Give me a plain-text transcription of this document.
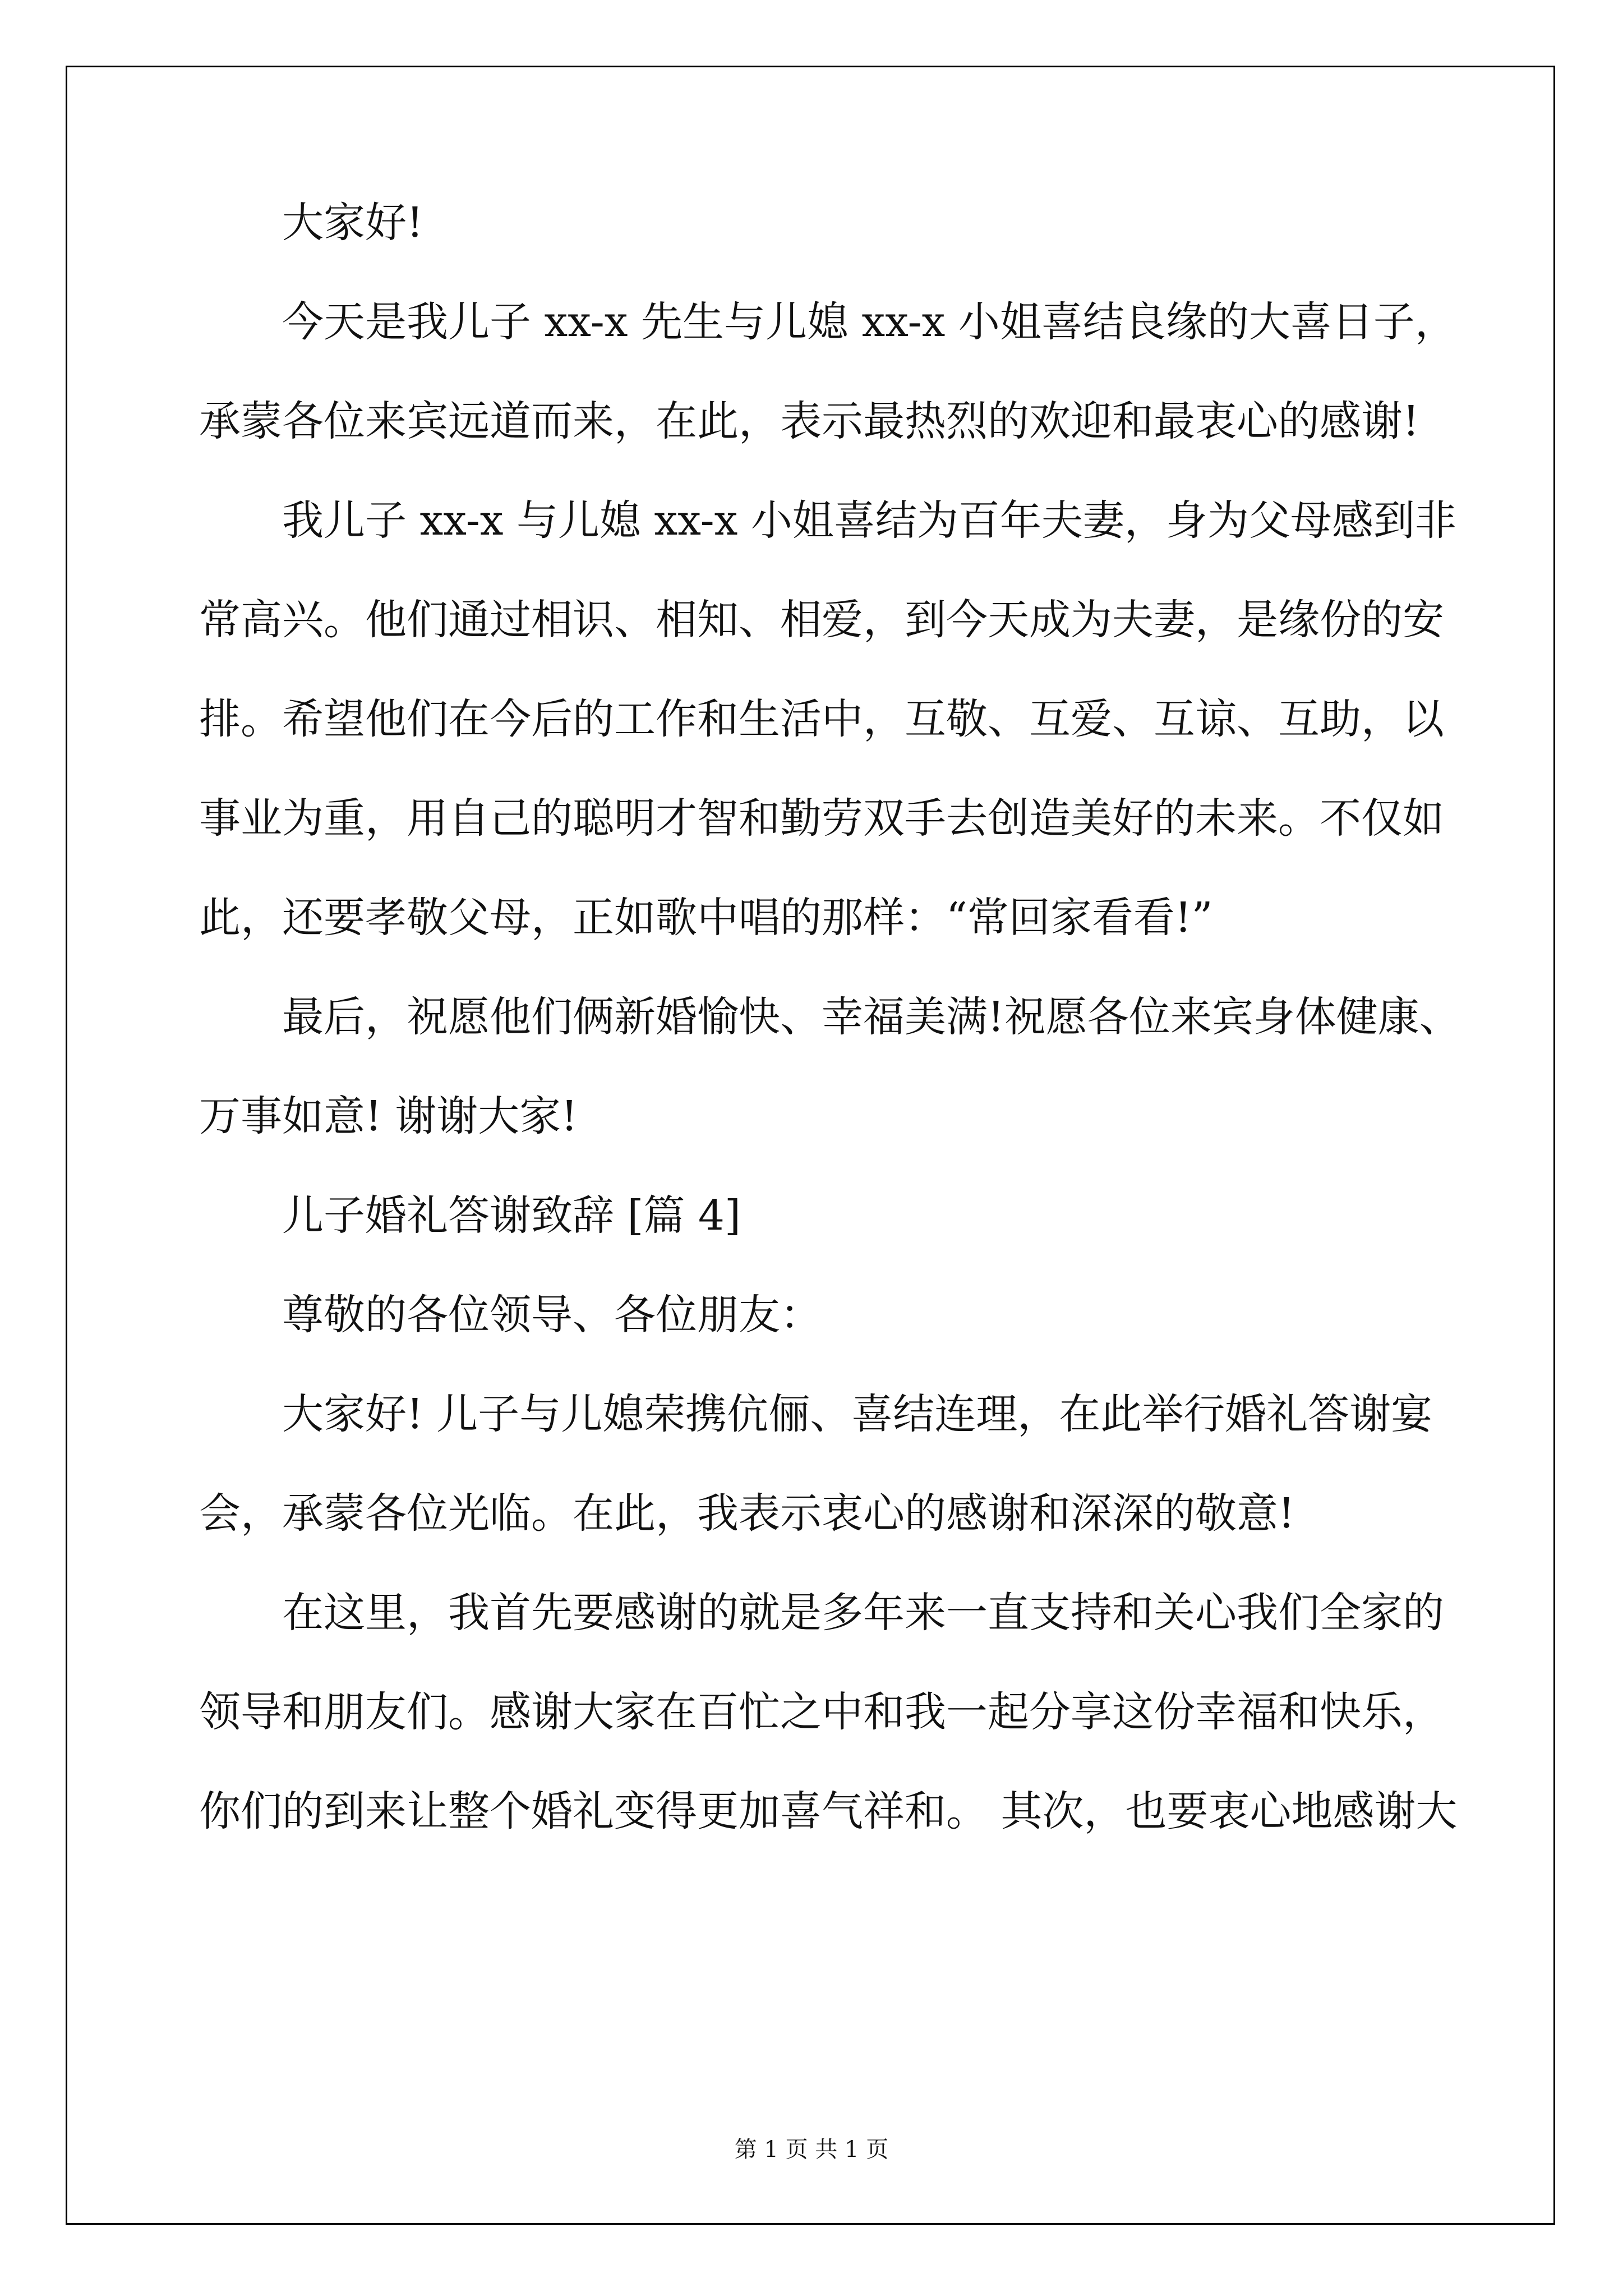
大家好!
今天是我儿子 xx-x 先生与儿媳 xx-x 小姐喜结良缘的大喜日子，
承蒙各位来宾远道而来，在此，表示最热烈的欢迎和最衷心的感谢!
我儿子 xx-x 与儿媳 xx-x 小姐喜结为百年夫妻，身为父母感到非
常高兴。他们通过相识、相知、相爱，到今天成为夫妻，是缘份的安
排。希望他们在今后的工作和生活中，互敬、互爱、互谅、互助，以
事业为重，用自己的聪明才智和勤劳双手去创造美好的未来。不仅如
此，还要孝敬父母，正如歌中唱的那样：“常回家看看!”
最后，祝愿他们俩新婚愉快、幸福美满!祝愿各位来宾身体健康、
万事如意! 谢谢大家!
儿子婚礼答谢致辞 [篇 4]
尊敬的各位领导、各位朋友：
大家好! 儿子与儿媳荣携伉俪、喜结连理，在此举行婚礼答谢宴
会，承蒙各位光临。在此，我表示衷心的感谢和深深的敬意!
在这里，我首先要感谢的就是多年来一直支持和关心我们全家的
领导和朋友们。感谢大家在百忙之中和我一起分享这份幸福和快乐，
你们的到来让整个婚礼变得更加喜气祥和。 其次，也要衷心地感谢大
第 1 页 共 1 页
